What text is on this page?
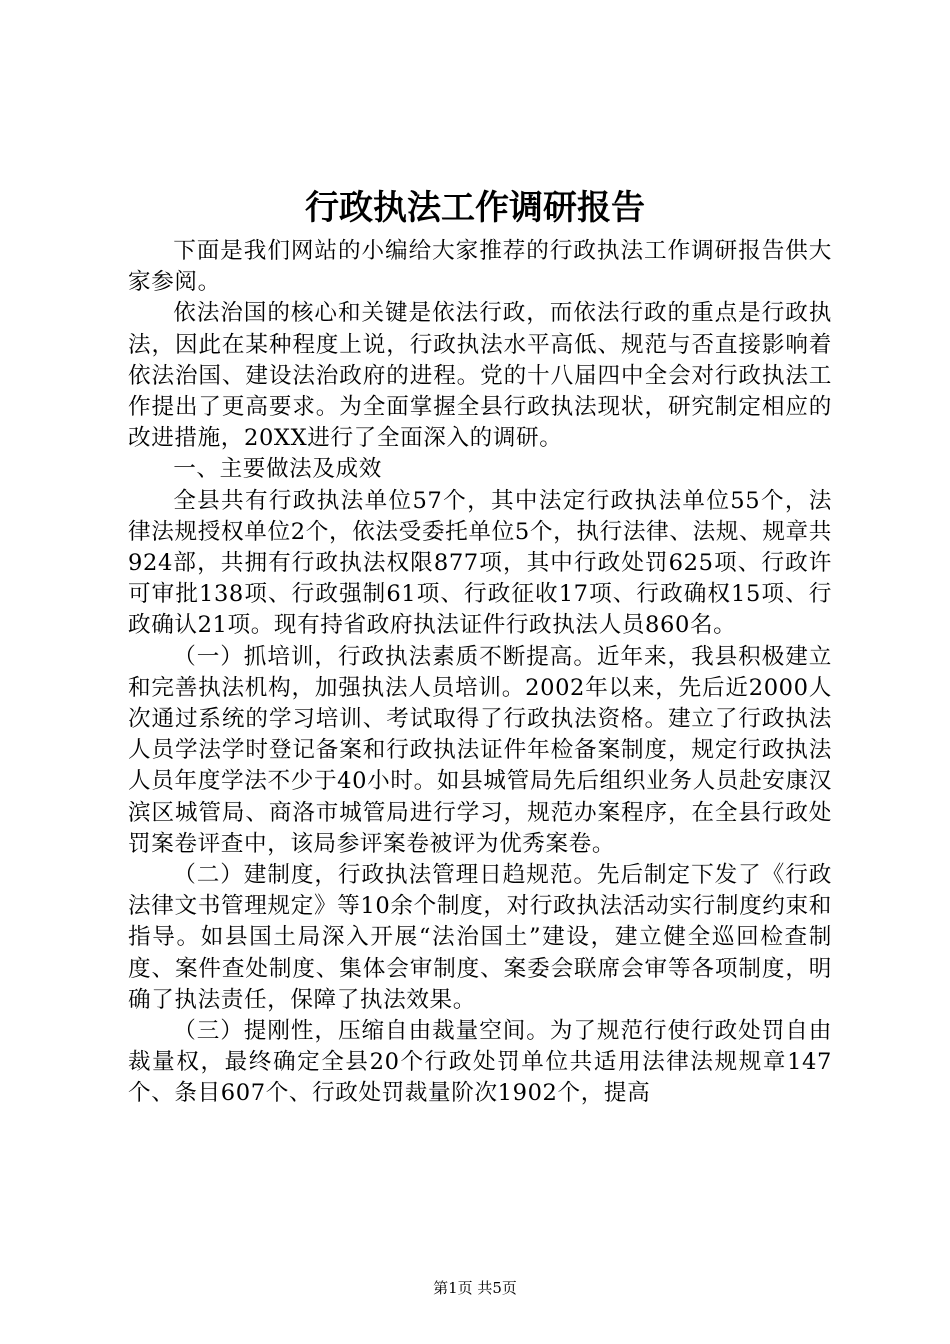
行政执法工作调研报告

下面是我们网站的小编给大家推荐的行政执法工作调研报告供大家参阅。

依法治国的核心和关键是依法行政，而依法行政的重点是行政执法，因此在某种程度上说，行政执法水平高低、规范与否直接影响着依法治国、建设法治政府的进程。党的十八届四中全会对行政执法工作提出了更高要求。为全面掌握全县行政执法现状，研究制定相应的改进措施，20XX进行了全面深入的调研。

一、主要做法及成效

全县共有行政执法单位57个，其中法定行政执法单位55个，法律法规授权单位2个，依法受委托单位5个，执行法律、法规、规章共924部，共拥有行政执法权限877项，其中行政处罚625项、行政许可审批138项、行政强制61项、行政征收17项、行政确权15项、行政确认21项。现有持省政府执法证件行政执法人员860名。

（一）抓培训，行政执法素质不断提高。近年来，我县积极建立和完善执法机构，加强执法人员培训。2002年以来，先后近2000人次通过系统的学习培训、考试取得了行政执法资格。建立了行政执法人员学法学时登记备案和行政执法证件年检备案制度，规定行政执法人员年度学法不少于40小时。如县城管局先后组织业务人员赴安康汉滨区城管局、商洛市城管局进行学习，规范办案程序，在全县行政处罚案卷评查中，该局参评案卷被评为优秀案卷。

（二）建制度，行政执法管理日趋规范。先后制定下发了《行政法律文书管理规定》等10余个制度，对行政执法活动实行制度约束和指导。如县国土局深入开展“法治国土”建设，建立健全巡回检查制度、案件查处制度、集体会审制度、案委会联席会审等各项制度，明确了执法责任，保障了执法效果。

（三）提刚性，压缩自由裁量空间。为了规范行使行政处罚自由裁量权，最终确定全县20个行政处罚单位共适用法律法规规章147个、条目607个、行政处罚裁量阶次1902个，提高

第1页 共5页
